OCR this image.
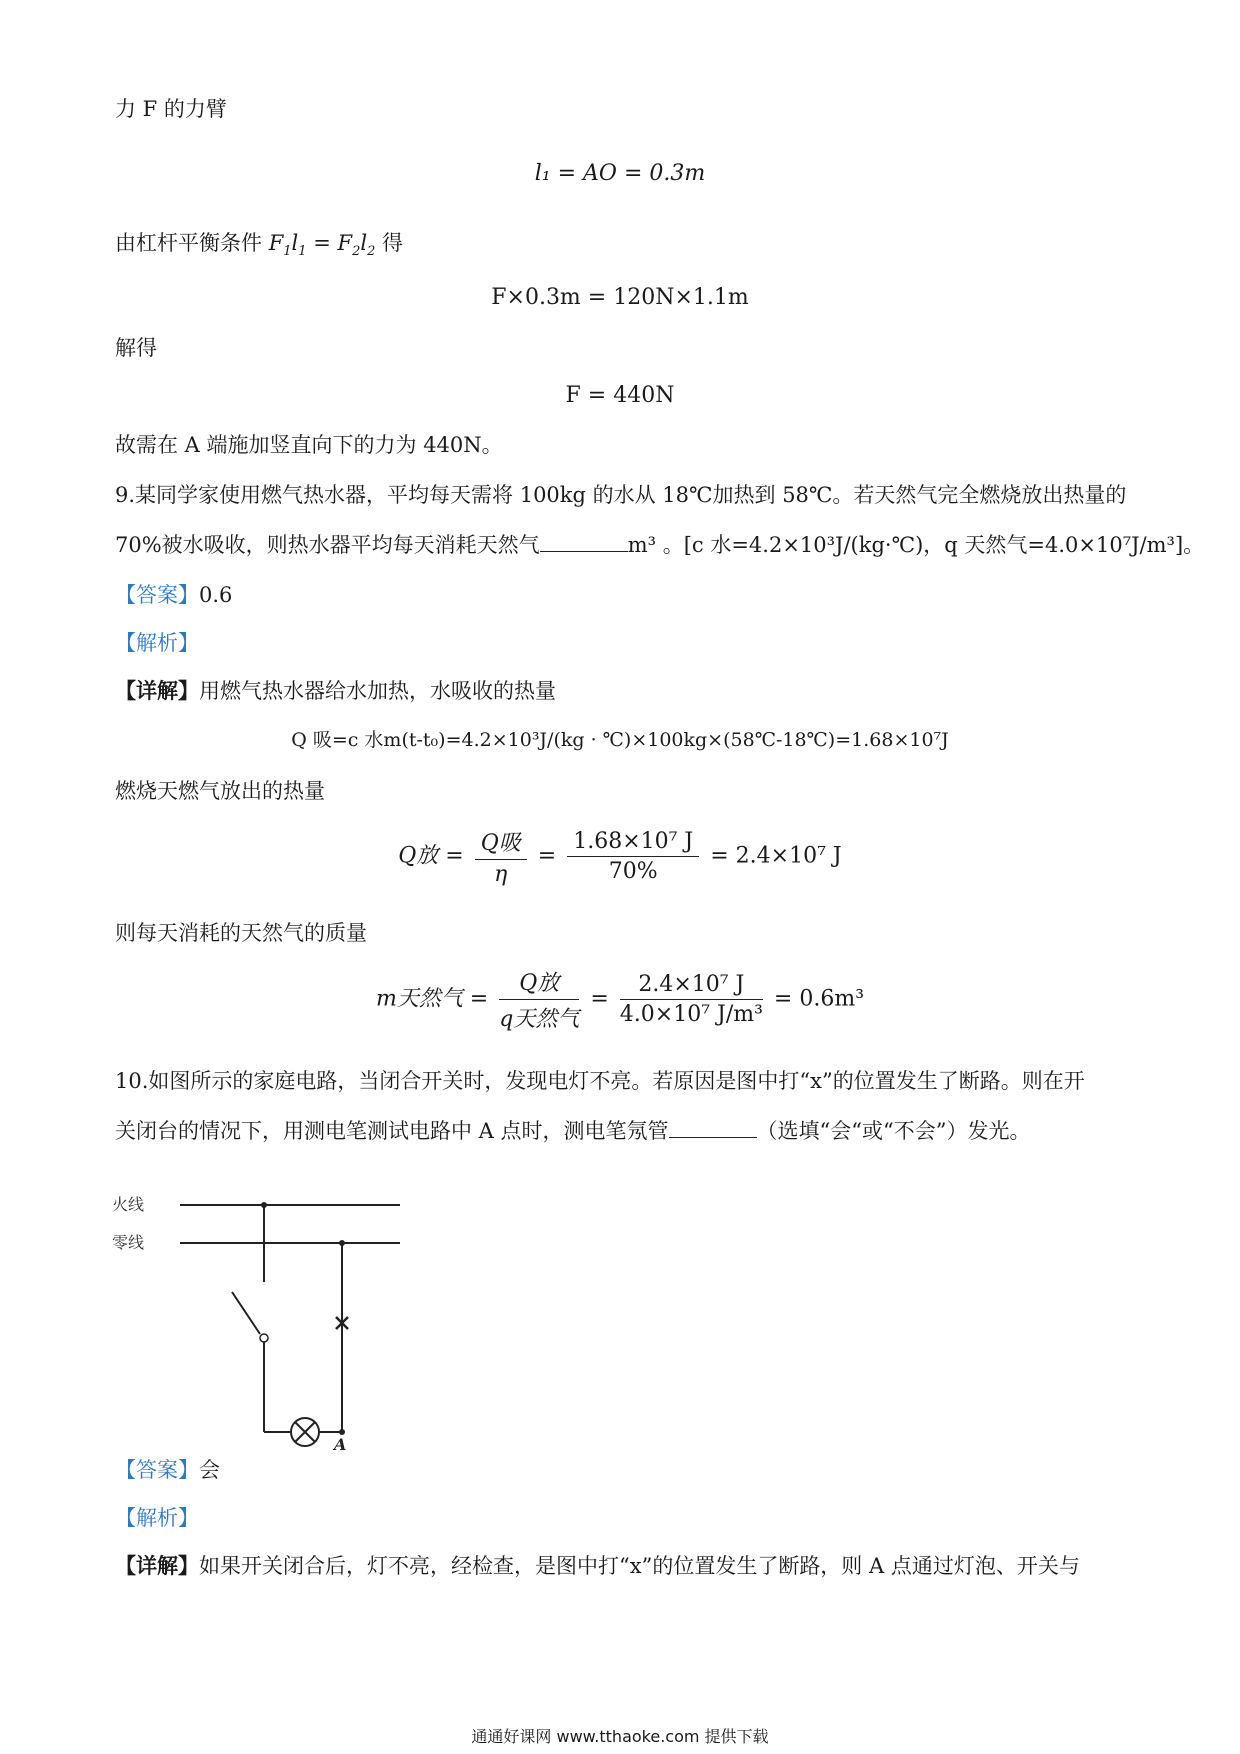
力 F 的力臂
l₁ = AO = 0.3m
由杠杆平衡条件 $F_1l_1 = F_2l_2$ 得
F×0.3m = 120N×1.1m
解得
F = 440N
故需在 A 端施加竖直向下的力为 440N。
9.某同学家使用燃气热水器，平均每天需将 100kg 的水从 18℃加热到 58℃。若天然气完全燃烧放出热量的
70%被水吸收，则热水器平均每天消耗天然气	m³ 。[c 水=4.2×10³J/(kg·℃)，q 天然气=4.0×10⁷J/m³]。
【答案】0.6
【解析】
【详解】用燃气热水器给水加热，水吸收的热量
Q 吸=c 水m(t-t₀)=4.2×10³J/(kg · ℃)×100kg×(58℃-18℃)=1.68×10⁷J
燃烧天燃气放出的热量
Q放 = $\frac{\text{Q吸}}{\eta} = \frac{\text{1.68×10⁷ J}}{70\%} = 2.4\times 10^7$ J
则每天消耗的天然气的质量
m天然气 = $\frac{\text{Q放}}{\text{q天然气}} = \frac{\text{2.4×10⁷ J}}{\text{4.0×10⁷ J/m³}} = 0.6m^3$
10.如图所示的家庭电路，当闭合开关时，发现电灯不亮。若原因是图中打“x”的位置发生了断路。则在开
关闭台的情况下，用测电笔测试电路中 A 点时，测电笔氖管	（选填“会“或“不会”）发光。
火线
零线
A
【答案】会
【解析】
【详解】如果开关闭合后，灯不亮，经检查，是图中打“x”的位置发生了断路，则 A 点通过灯泡、开关与
通通好课网 www.tthaoke.com 提供下载
